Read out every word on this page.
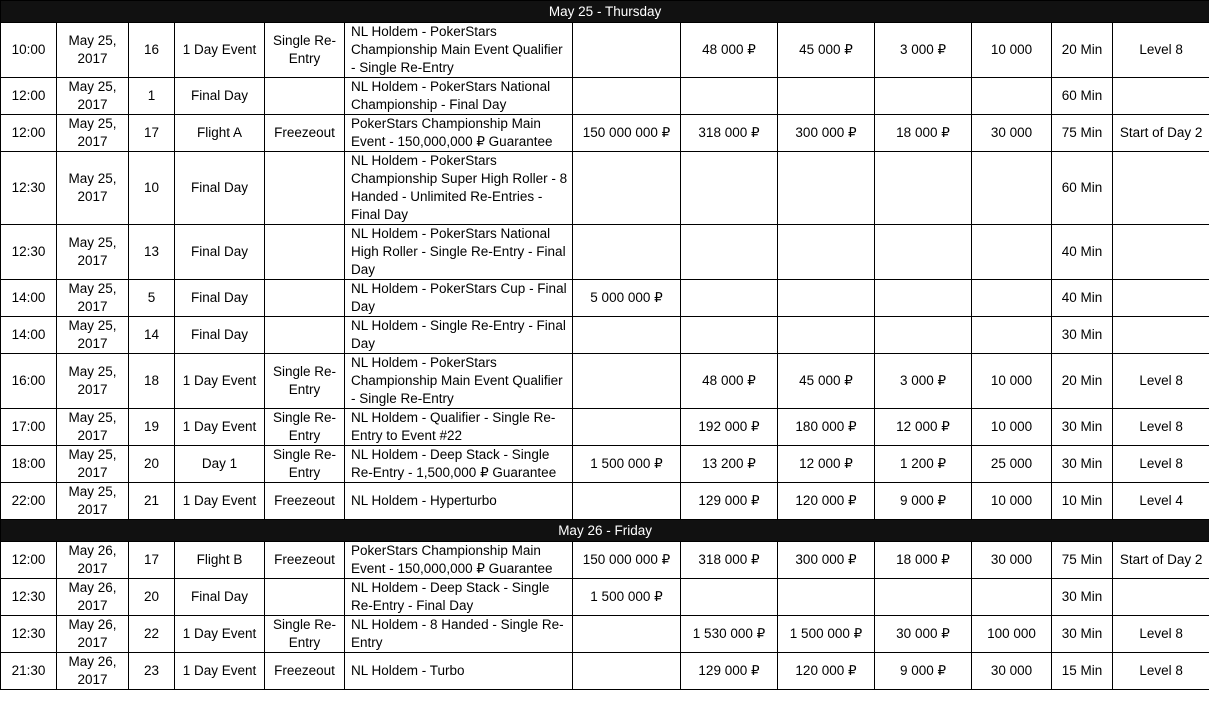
May 25 - Thursday												
10:00	May 25, 2017	16	1 Day Event	Single Re-Entry	NL Holdem - PokerStars Championship Main Event Qualifier - Single Re-Entry		48 000 ₽	45 000 ₽	3 000 ₽	10 000	20 Min	Level 8
12:00	May 25, 2017	1	Final Day		NL Holdem - PokerStars National Championship - Final Day						60 Min	
12:00	May 25, 2017	17	Flight A	Freezeout	PokerStars Championship Main Event - 150,000,000 ₽ Guarantee	150 000 000 ₽	318 000 ₽	300 000 ₽	18 000 ₽	30 000	75 Min	Start of Day 2
12:30	May 25, 2017	10	Final Day		NL Holdem - PokerStars Championship Super High Roller - 8 Handed - Unlimited Re-Entries - Final Day						60 Min	
12:30	May 25, 2017	13	Final Day		NL Holdem - PokerStars National High Roller - Single Re-Entry - Final Day						40 Min	
14:00	May 25, 2017	5	Final Day		NL Holdem - PokerStars Cup - Final Day	5 000 000 ₽					40 Min	
14:00	May 25, 2017	14	Final Day		NL Holdem - Single Re-Entry - Final Day						30 Min	
16:00	May 25, 2017	18	1 Day Event	Single Re-Entry	NL Holdem - PokerStars Championship Main Event Qualifier - Single Re-Entry		48 000 ₽	45 000 ₽	3 000 ₽	10 000	20 Min	Level 8
17:00	May 25, 2017	19	1 Day Event	Single Re-Entry	NL Holdem - Qualifier - Single Re-Entry to Event #22		192 000 ₽	180 000 ₽	12 000 ₽	10 000	30 Min	Level 8
18:00	May 25, 2017	20	Day 1	Single Re-Entry	NL Holdem - Deep Stack - Single Re-Entry - 1,500,000 ₽ Guarantee	1 500 000 ₽	13 200 ₽	12 000 ₽	1 200 ₽	25 000	30 Min	Level 8
22:00	May 25, 2017	21	1 Day Event	Freezeout	NL Holdem - Hyperturbo		129 000 ₽	120 000 ₽	9 000 ₽	10 000	10 Min	Level 4
May 26 - Friday												
12:00	May 26, 2017	17	Flight B	Freezeout	PokerStars Championship Main Event - 150,000,000 ₽ Guarantee	150 000 000 ₽	318 000 ₽	300 000 ₽	18 000 ₽	30 000	75 Min	Start of Day 2
12:30	May 26, 2017	20	Final Day		NL Holdem - Deep Stack - Single Re-Entry - Final Day	1 500 000 ₽					30 Min	
12:30	May 26, 2017	22	1 Day Event	Single Re-Entry	NL Holdem - 8 Handed - Single Re-Entry		1 530 000 ₽	1 500 000 ₽	30 000 ₽	100 000	30 Min	Level 8
21:30	May 26, 2017	23	1 Day Event	Freezeout	NL Holdem - Turbo		129 000 ₽	120 000 ₽	9 000 ₽	30 000	15 Min	Level 8
